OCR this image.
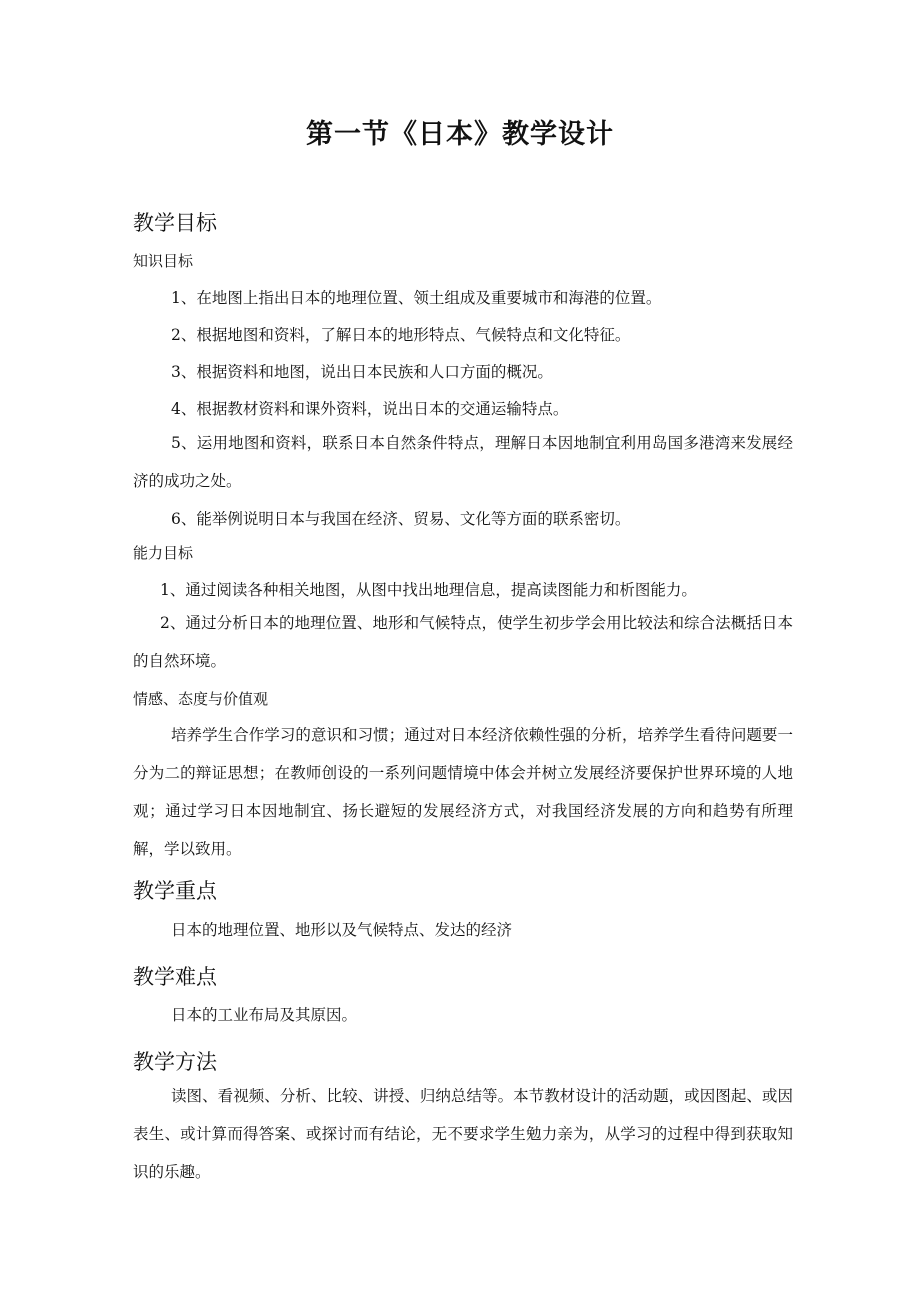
第一节《日本》教学设计
教学目标
知识目标
1、在地图上指出日本的地理位置、领土组成及重要城市和海港的位置。
2、根据地图和资料，了解日本的地形特点、气候特点和文化特征。
3、根据资料和地图，说出日本民族和人口方面的概况。
4、根据教材资料和课外资料，说出日本的交通运输特点。
5、运用地图和资料，联系日本自然条件特点，理解日本因地制宜利用岛国多港湾来发展经济的成功之处。
6、能举例说明日本与我国在经济、贸易、文化等方面的联系密切。
能力目标
1、通过阅读各种相关地图，从图中找出地理信息，提高读图能力和析图能力。
2、通过分析日本的地理位置、地形和气候特点，使学生初步学会用比较法和综合法概括日本的自然环境。
情感、态度与价值观
培养学生合作学习的意识和习惯；通过对日本经济依赖性强的分析，培养学生看待问题要一分为二的辩证思想；在教师创设的一系列问题情境中体会并树立发展经济要保护世界环境的人地观；通过学习日本因地制宜、扬长避短的发展经济方式，对我国经济发展的方向和趋势有所理解，学以致用。
教学重点
日本的地理位置、地形以及气候特点、发达的经济
教学难点
日本的工业布局及其原因。
教学方法
读图、看视频、分析、比较、讲授、归纳总结等。本节教材设计的活动题，或因图起、或因表生、或计算而得答案、或探讨而有结论，无不要求学生勉力亲为，从学习的过程中得到获取知识的乐趣。
